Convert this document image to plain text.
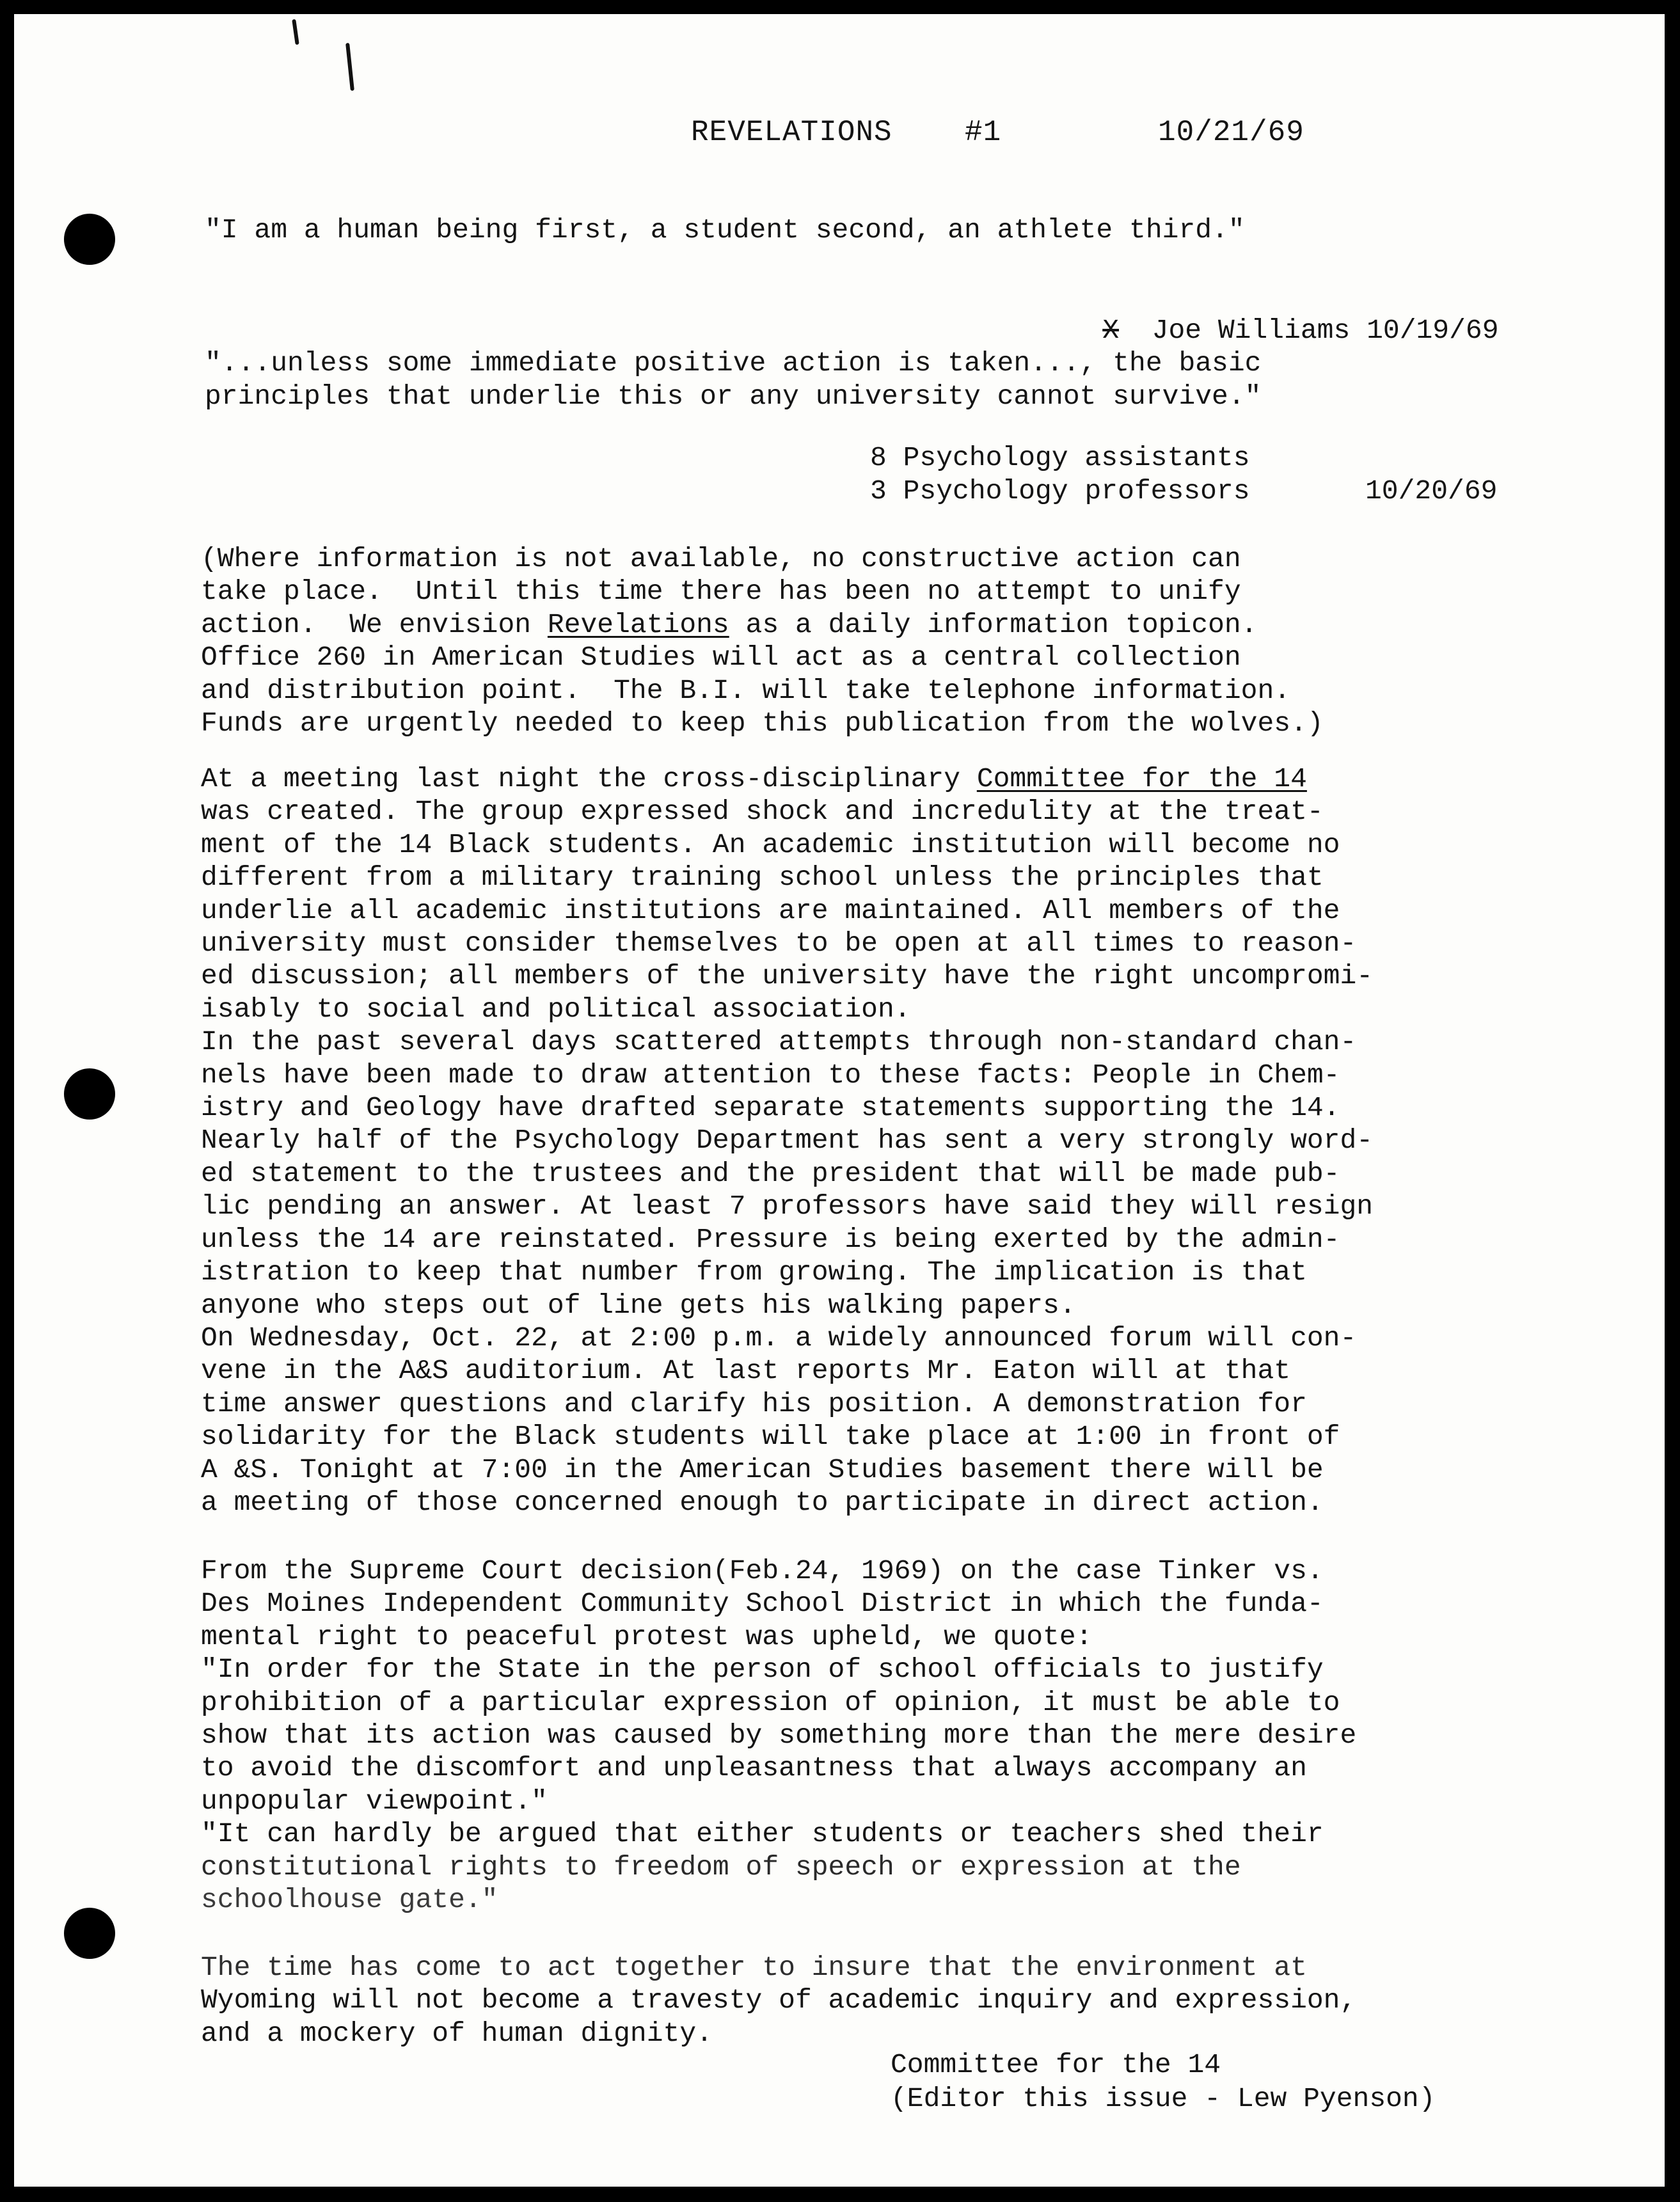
REVELATIONS #1	10/21/69
"I am a human being first, a student second, an athlete third."

X Joe Williams 10/19/69

"...unless some immediate positive action is taken..., the basic
principles that underlie this or any university cannot survive."
8 Psychology assistants
3 Psychology professors	10/20/69
(Where information is not available, no constructive action can
take place.  Until this time there has been no attempt to unify
action.  We envision Revelations as a daily information topicon.
Office 260 in American Studies will act as a central collection
and distribution point.  The B.I. will take telephone information.
Funds are urgently needed to keep this publication from the wolves.)
At a meeting last night the cross-disciplinary Committee for the 14
was created. The group expressed shock and incredulity at the treat-
ment of the 14 Black students. An academic institution will become no
different from a military training school unless the principles that
underlie all academic institutions are maintained. All members of the
university must consider themselves to be open at all times to reason-
ed discussion; all members of the university have the right uncompromi-
isably to social and political association.
In the past several days scattered attempts through non-standard chan-
nels have been made to draw attention to these facts: People in Chem-
istry and Geology have drafted separate statements supporting the 14.
Nearly half of the Psychology Department has sent a very strongly word-
ed statement to the trustees and the president that will be made pub-
lic pending an answer. At least 7 professors have said they will resign
unless the 14 are reinstated. Pressure is being exerted by the admin-
istration to keep that number from growing. The implication is that
anyone who steps out of line gets his walking papers.
On Wednesday, Oct. 22, at 2:00 p.m. a widely announced forum will con-
vene in the A&S auditorium. At last reports Mr. Eaton will at that
time answer questions and clarify his position. A demonstration for
solidarity for the Black students will take place at 1:00 in front of
A &S. Tonight at 7:00 in the American Studies basement there will be
a meeting of those concerned enough to participate in direct action.
From the Supreme Court decision(Feb.24, 1969) on the case Tinker vs.
Des Moines Independent Community School District in which the funda-
mental right to peaceful protest was upheld, we quote:
"In order for the State in the person of school officials to justify
prohibition of a particular expression of opinion, it must be able to
show that its action was caused by something more than the mere desire
to avoid the discomfort and unpleasantness that always accompany an
unpopular viewpoint."
"It can hardly be argued that either students or teachers shed their
constitutional rights to freedom of speech or expression at the
schoolhouse gate."
The time has come to act together to insure that the environment at
Wyoming will not become a travesty of academic inquiry and expression,
and a mockery of human dignity.
Committee for the 14
(Editor this issue - Lew Pyenson)
